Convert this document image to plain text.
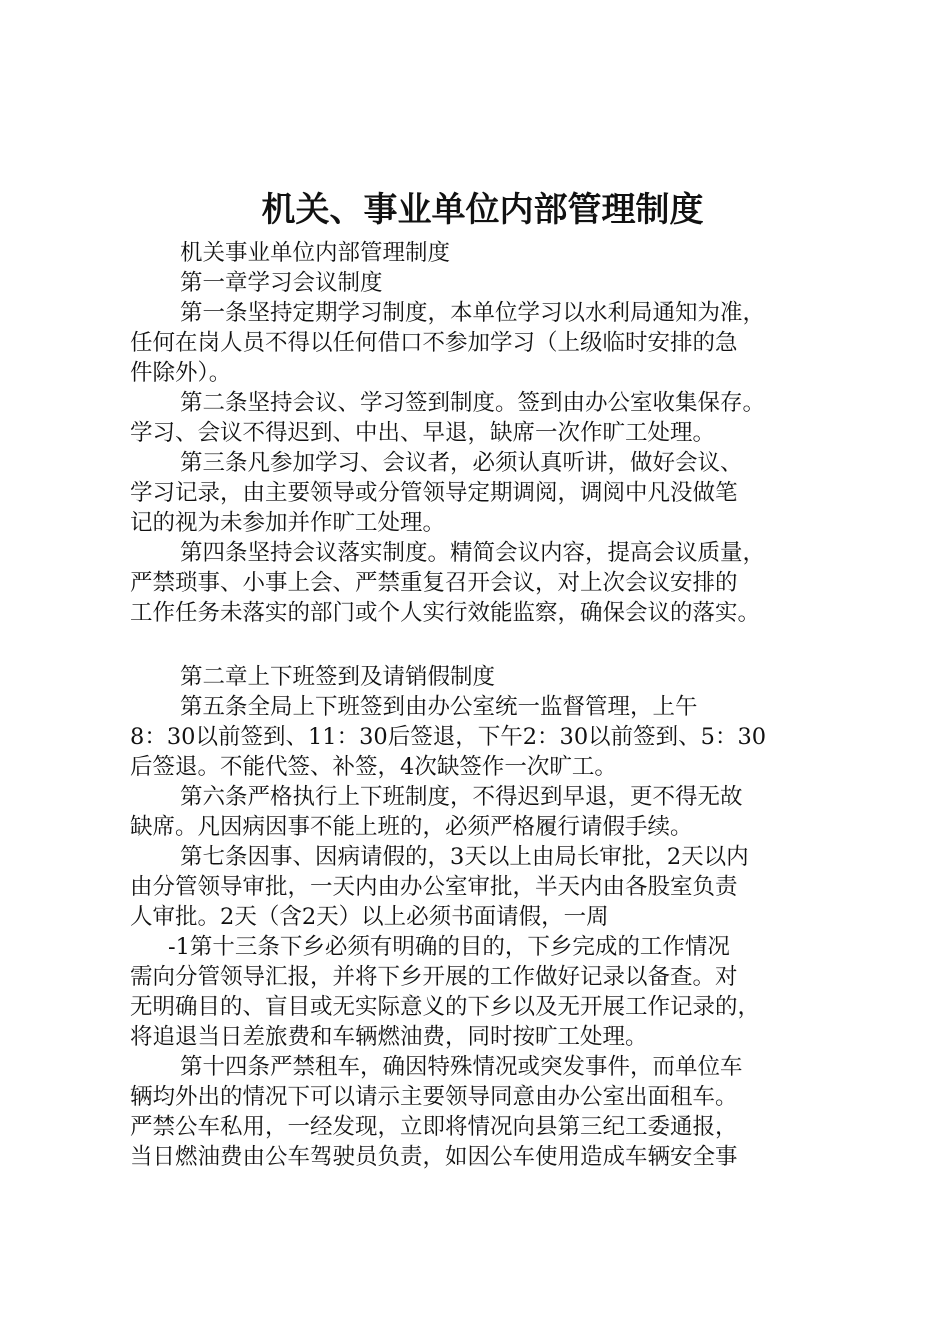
机关、事业单位内部管理制度
机关事业单位内部管理制度
第一章学习会议制度
第一条坚持定期学习制度，本单位学习以水利局通知为准，
任何在岗人员不得以任何借口不参加学习（上级临时安排的急
件除外）。
第二条坚持会议、学习签到制度。签到由办公室收集保存。
学习、会议不得迟到、中出、早退，缺席一次作旷工处理。
第三条凡参加学习、会议者，必须认真听讲，做好会议、
学习记录，由主要领导或分管领导定期调阅，调阅中凡没做笔
记的视为未参加并作旷工处理。
第四条坚持会议落实制度。精简会议内容，提高会议质量，
严禁琐事、小事上会、严禁重复召开会议，对上次会议安排的
工作任务未落实的部门或个人实行效能监察，确保会议的落实。
第二章上下班签到及请销假制度
第五条全局上下班签到由办公室统一监督管理，上午
8：30以前签到、11：30后签退，下午2：30以前签到、5：30
后签退。不能代签、补签，4次缺签作一次旷工。
第六条严格执行上下班制度，不得迟到早退，更不得无故
缺席。凡因病因事不能上班的，必须严格履行请假手续。
第七条因事、因病请假的，3天以上由局长审批，2天以内
由分管领导审批，一天内由办公室审批，半天内由各股室负责
人审批。2天（含2天）以上必须书面请假，一周
-1第十三条下乡必须有明确的目的，下乡完成的工作情况
需向分管领导汇报，并将下乡开展的工作做好记录以备查。对
无明确目的、盲目或无实际意义的下乡以及无开展工作记录的，
将追退当日差旅费和车辆燃油费，同时按旷工处理。
第十四条严禁租车，确因特殊情况或突发事件，而单位车
辆均外出的情况下可以请示主要领导同意由办公室出面租车。
严禁公车私用，一经发现，立即将情况向县第三纪工委通报，
当日燃油费由公车驾驶员负责，如因公车使用造成车辆安全事
